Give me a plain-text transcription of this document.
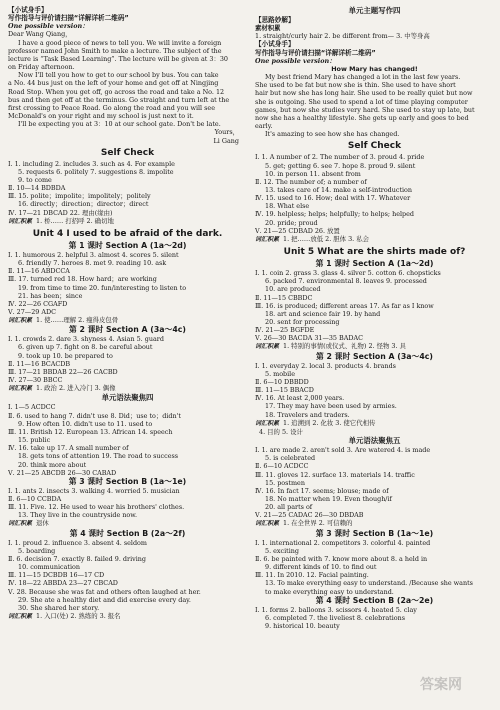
【小试身手】
写作指导与评价请扫描“详解详析二维码”
One possible version：
Dear Wang Qiang，
I have a good piece of news to tell you. We will invite a foreign
professor named John Smith to make a lecture. The subject of the
lecture is “Task Based Learning”. The lecture will be given at 3：30
on Friday afternoon.
Now I'll tell you how to get to our school by bus. You can take
a No. 44 bus just on the left of your home and get off at Ningjing
Road Stop. When you get off, go across the road and take a No. 12
bus and then get off at the terminus. Go straight and turn left at the
first crossing to Peace Road. Go along the road and you will see
McDonald's on your right and my school is just next to it.
I'll be expecting you at 3：10 at our school gate. Don't be late.
Yours，
Li Gang
Self Check
Ⅰ. 1. including 2. includes 3. such as 4. For example
5. requests 6. politely 7. suggestions 8. impolite
9. to come
Ⅱ. 10—14 BDBDA
Ⅲ. 15. polite；impolite；impolitely；politely
16. directly；direction；director；direct
Ⅳ. 17—21 DBCAD 22. 理由(缘由)
词汇积累 1. 桥…… 打招呼 2. 确切地
Unit 4 I used to be afraid of the dark.
第 1 课时 Section A (1a～2d)
Ⅰ. 1. humorous 2. helpful 3. almost 4. scores 5. silent
6. friendly 7. heroes 8. met 9. reading 10. ask
Ⅱ. 11—16 ABDCCA
Ⅲ. 17. turned red 18. How hard；are working
19. from time to time 20. fun/interesting to listen to
21. has been；since
Ⅳ. 22—26 CGAFD
Ⅴ. 27—29 ADC
词汇积累 1. 使……理解 2. 瘦得皮包骨
第 2 课时 Section A (3a～4c)
Ⅰ. 1. crowds 2. dare 3. shyness 4. Asian 5. guard
6. given up 7. fight on 8. be careful about
9. took up 10. be prepared to
Ⅱ. 11—16 BCACDB
Ⅲ. 17—21 BBDAB 22—26 CACBD
Ⅳ. 27—30 BBCC
词汇积累 1. 政治 2. 进入冷门 3. 偶像
单元语法聚焦四
Ⅰ. 1—5 ACDCC
Ⅱ. 6. used to hang 7. didn't use 8. Did；use to；didn't
9. How often 10. didn't use to 11. used to
Ⅲ. 11. British 12. European 13. African 14. speech
15. public
Ⅳ. 16. take up 17. A small number of
18. gets tons of attention 19. The road to success
20. think more about
Ⅴ. 21—25 ABCDB 26—30 CABAD
第 3 课时 Section B (1a～1e)
Ⅰ. 1. ants 2. insects 3. walking 4. worried 5. musician
Ⅱ. 6—10 CCBDA
Ⅲ. 11. Five. 12. He used to wear his brothers' clothes.
13. They live in the countryside now.
词汇积累 退休
第 4 课时 Section B (2a～2f)
Ⅰ. 1. proud 2. influence 3. absent 4. seldom
5. boarding
Ⅱ. 6. decision 7. exactly 8. failed 9. driving
10. communication
Ⅲ. 11—15 DCBDB 16—17 CD
Ⅳ. 18—22 ABBDA 23—27 CBCAD
Ⅴ. 28. Because she was fat and others often laughed at her.
29. She ate a healthy diet and did exercise every day.
30. She shared her story.
词汇积累 1. 入口(处) 2. 熟练的 3. 报名
单元主题写作四
【思路妙解】
素材积累
1. straight/curly hair 2. be different from— 3. 中等身高
【小试身手】
写作指导与评价请扫描“详解详析二维码”
One possible version：
How Mary has changed!
My best friend Mary has changed a lot in the last few years.
She used to be fat but now she is thin. She used to have short
hair but now she has long hair. She used to be really quiet but now
she is outgoing. She used to spend a lot of time playing computer
games, but now she studies very hard. She used to stay up late, but
now she has a healthy lifestyle. She gets up early and goes to bed
early.
It's amazing to see how she has changed.
Self Check
Ⅰ. 1. A number of 2. The number of 3. proud 4. pride
5. get; getting 6. see 7. hope 8. proud 9. silent
10. in person 11. absent from
Ⅱ. 12. The number of; a number of
13. takes care of 14. make a self-introduction
Ⅳ. 15. used to 16. How; deal with 17. Whatever
18. What else
Ⅳ. 19. helpless; helps; helpfully; to helps; helped
20. pride; proud
Ⅴ. 21—25 CDBAD 26. 放置
词汇积累 1. 把……放低 2. 胆体 3. 私会
Unit 5 What are the shirts made of?
第 1 课时 Section A (1a～2d)
Ⅰ. 1. coin 2. grass 3. glass 4. silver 5. cotton 6. chopsticks
6. packed 7. environmental 8. leaves 9. processed
10. are produced
Ⅱ. 11—15 CBBDC
Ⅲ. 16. is produced; different areas 17. As far as I know
18. art and science fair 19. by hand
20. sent for processing
Ⅳ. 21—25 BGFDE
Ⅴ. 26—30 BACDA 31—35 BADAC
词汇积累 1. 特别的事情(或仪式、礼物) 2. 怪物 3. 具
第 2 课时 Section A (3a～4c)
Ⅰ. 1. everyday 2. local 3. products 4. brands
5. mobile
Ⅱ. 6—10 DBBDD
Ⅲ. 11—15 BBACD
Ⅳ. 16. At least 2,000 years.
17. They may have been used by armies.
18. Travelers and traders.
词汇积累 1. 追溯到 2. 化妆 3. 使它代相传
4. 目的 5. 设计
单元语法聚焦五
Ⅰ. 1. are made 2. aren't sold 3. Are watered 4. is made
5. is celebrated
Ⅱ. 6—10 ACDCC
Ⅲ. 11. gloves 12. surface 13. materials 14. traffic
15. postmen
Ⅳ. 16. In fact 17. seems; blouse; made of
18. No matter when 19. Even though/if
20. all parts of
Ⅴ. 21—25 CADAC 26—30 DBDAB
词汇积累 1. 在全世界 2. 可信赖的
第 3 课时 Section B (1a～1e)
Ⅰ. 1. international 2. competitors 3. colorful 4. painted
5. exciting
Ⅱ. 6. be painted with 7. know more about 8. a held in
9. different kinds of 10. to find out
Ⅲ. 11. In 2010. 12. Facial painting.
13. To make everything easy to understand. /Because she wants
to make everything easy to understand.
第 4 课时 Section B (2a～2e)
Ⅰ. 1. forms 2. balloons 3. scissors 4. heated 5. clay
6. completed 7. the liveliest 8. celebrations
9. historical 10. beauty
答案网
